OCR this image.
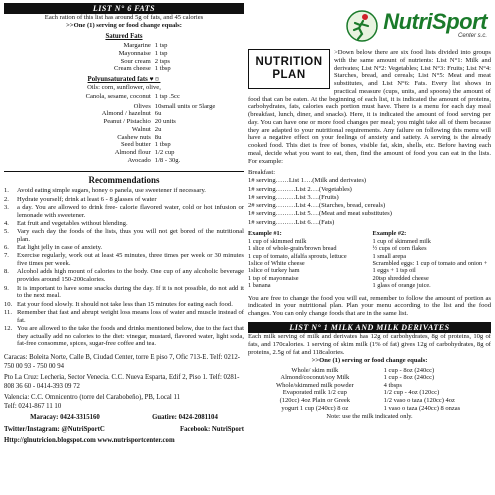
LIST N° 6 FATS
Each ration of this list has around 5g of fats, and 45 calories
>>One (1) serving or food change equals:
Satured Fats
Margarine	1 tsp
Mayonnaise	1 tsp
Sour cream	2 tsps
Cream cheese	1 tbsp
Polyunsaturated fats ♥☺
Oils: corn, sunflower, olive,
Canola, sesame, coconut	1 tsp .5cc
Olives	10small units or 5large
Almond / hazelnut	6u
Peanut / Pistachio	20 units
Walnut	2u
Cashew nuts	8u
Seed butter	1 tbsp
Almond flour	1/2 cup
Avocado	1/8 - 30g.
Recommendations
1.	Avoid eating simple sugars, honey o panela, use sweetener if necessary.
2.	Hydrate yourself; drink at least 6 - 8 glasses of water
3.	a day. You are allowed to drink free- calorie flavored water, cold or hot infusion or lemonade with sweetener.
4.	Eat fruit and vegetables without blending.
5.	Vary each day the foods of the lists, thus you will not get bored of the nutritional plan.
6.	Eat light jelly in case of anxiety.
7.	Exercise regularly, work out at least 45 minutes, three times per week or 30 minutes five times per week.
8.	Alcohol adds high mount of calories to the body. One cup of any alcoholic beverage provides around 150-200calories.
9.	It is important to have some snacks during the day. If it is not possible, do not add it to the next meal.
10. Eat your food slowly. It should not take less than 15 minutes for eating each food.
11. Remember that fast and abrupt weight loss means loss of water and muscle instead of fat.
12. You are allowed to the take the foods and drinks mentioned below, due to the fact that they actually add no calories to the diet: vinegar, mustard, flavored water, light soda, fat-free consomme, spices, sugar-free coffee and tea.

Caracas: Boleita Norte, Calle B, Ciudad Center, torre E piso 7, Ofic 713-E. Telf: 0212- 750 00 93 - 750 00 94

Pto La Cruz: Lecheria, Sector Venecia. C.C. Nueva Esparta, Edif 2, Piso 1. Telf: 0281-808 36 60 - 0414-393 09 72

Valencia: C.C. Omnicentro (torre del Carabobeño), PB, Local 11

Telf: 0241-867 11 10

Maracay: 0424-3315160	Guatire: 0424-2081104
Twitter/Instagram: @NutriSportC	Facebook: NutriSport
Http://glnutricion.blogspot.com www.nutrisportcenter.com
NutriSport
Center s.c.
NUTRITION
PLAN
>Down below there are six food lists divided into groups with the same amount of nutrients: List N°1: Milk and derivates; List N°2: Vegetables; List N°3: Fruits; List N°4: Starches, bread, and cereals; List N°5: Meat and meat substitutes, and List N°6: Fats. Every list shows in practical measure (cups, units, and spoons) the amount of food that can be eaten. At the beginning of each list, it is indicated the amount of proteins, carbohydrates, fats, calories each portion must have. There is a menu for each day meal (breakfast, lunch, diner, and snacks). Here, it is indicated the amount of food serving per day. You can have one or more food changes per meal; you might take all of them because they are adapted to your nutritional requirements. Any failure on following this menu will have a negative effect on your feelings of anxiety and satiety. A serving is the already cooked food. This diet is free of bones, visible fat, skin, shells, etc. Before having each meal, decide what you want to eat, then, find the amount of food you can eat in the lists. For example:
Breakfast:
1# serving……List 1….(Milk and derivates)
1# serving………List 2….(Vegetables)
1# serving………List 3….(Fruits)
2# serving………List 4….(Starches, bread, cereals)
1# serving………List 5….(Meat and meat substitutes)
1# serving………List 6….(Fats)
Example #1:
1 cup of skimmed milk
1 slice of whole-grain/brown bread
1 cup of tomato, alfalfa sprouts, lettuce
1slice of White cheese
1slice of turkey ham
1 tsp of mayonnaise
1 banana
Example #2:
1 cup of skimmed milk
½ cups of corn flakes
1 small arepa
Scrambled eggs: 1 cup of tomato and onion + 1 eggs + 1 tsp oil
20tsp shredded cheese
1 glass of orange juice.
You are free to change the food you will eat, remember to follow the amount of portion as indicated in your nutritional plan. Plan your menu according to the list and the food changes. You can only change foods that are in the same list.
LIST N° 1 MILK AND MILK DERIVATES
Each milk serving of milk and derivates has 12g of carbohydrates, 8g of proteins, 10g of fats, and 170calories. 1 serving of skim milk (1% of fat) gives 12g of carbohydrates, 8g of proteins, 2.5g of fat and 118calories.
>>One (1) serving or food change equals:
Whole/ skim milk	1 cup - 8oz (240cc)
Almond/coconut/soy Milk	1 cup - 8oz (240cc)
Whole/skimmed milk powder	4 tbsps
Evaporated milk 1/2 cup	1/2 cup - 4oz (120cc)
(120cc) 4oz Plain or Greek	1/2 vaso o taza (120cc) 4oz
yogurt 1 cup (240cc) 8 oz	1 vaso o taza (240cc) 8 onzas
Note: use the milk indicated only.
